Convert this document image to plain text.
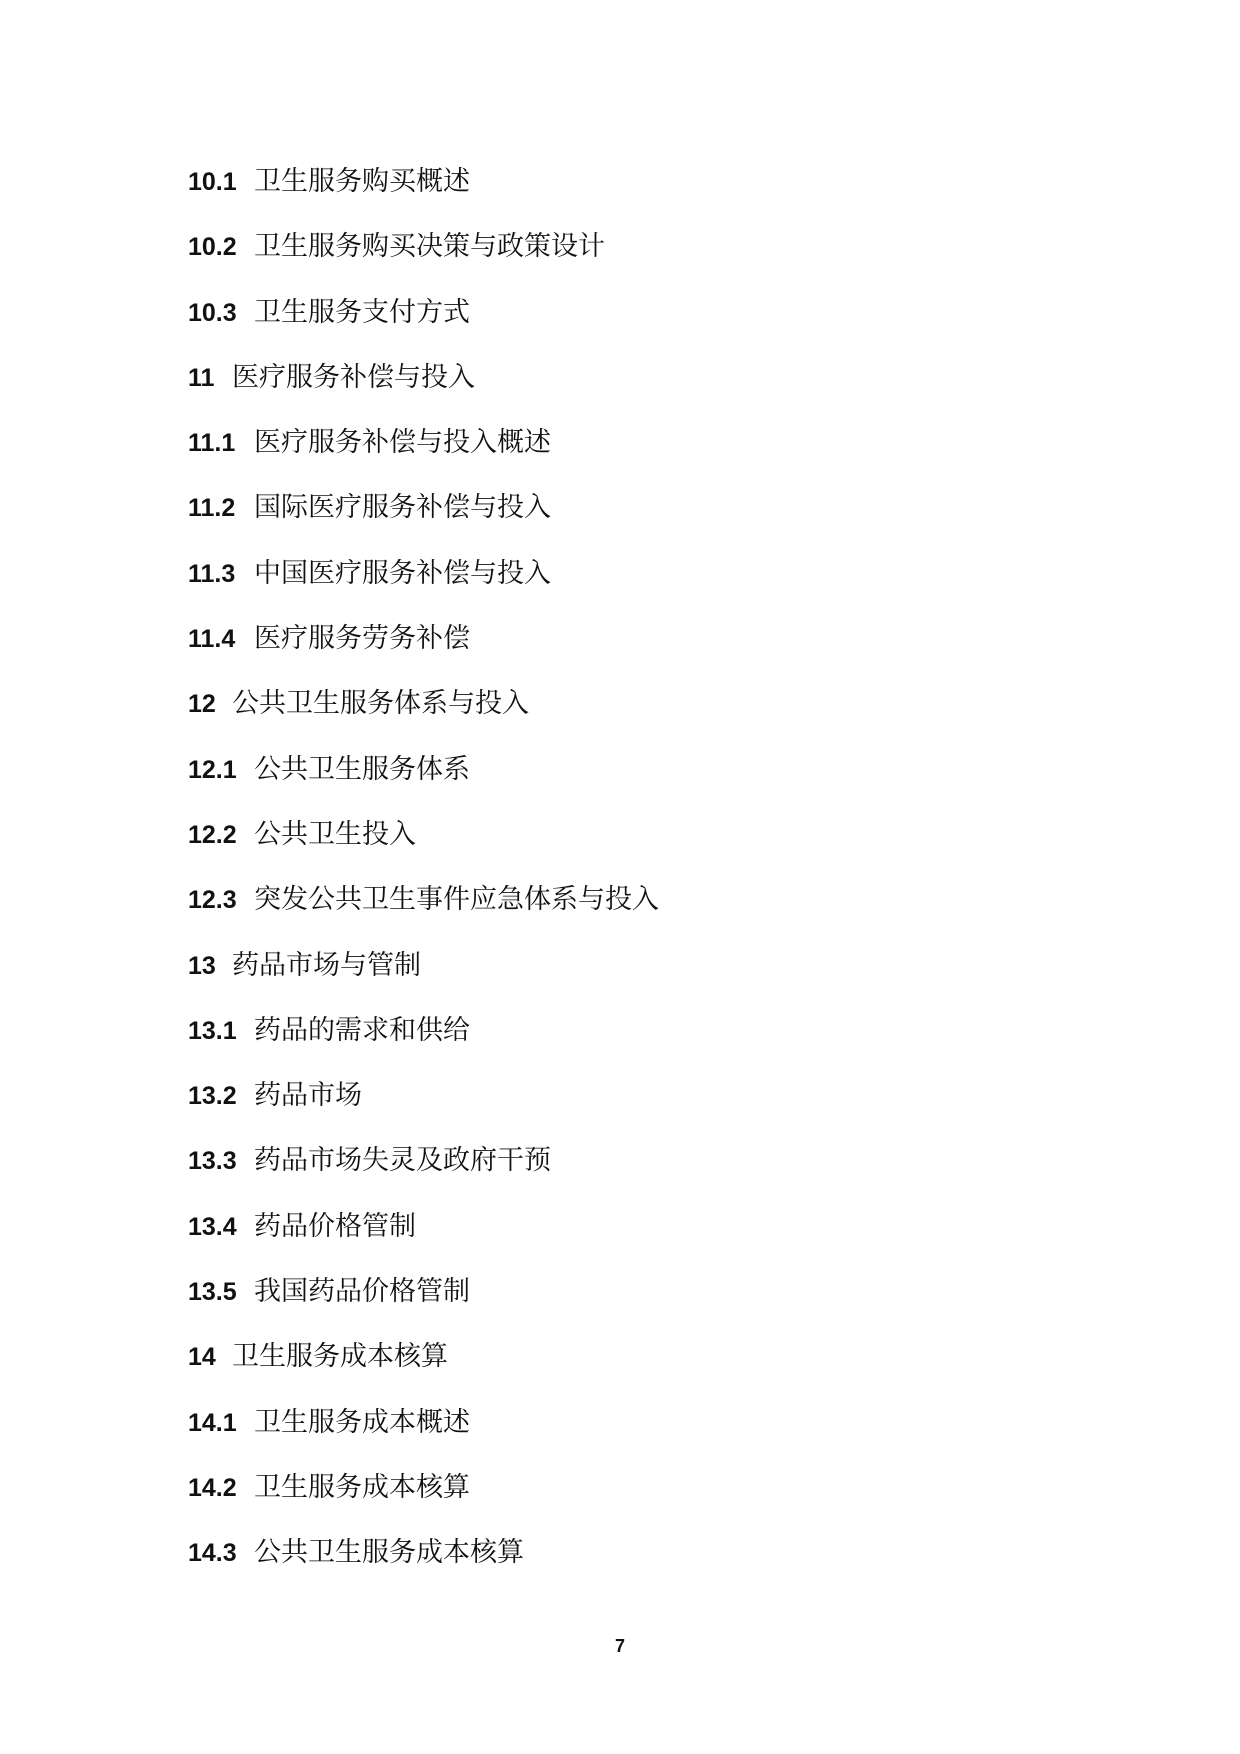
10.1 卫生服务购买概述
10.2 卫生服务购买决策与政策设计
10.3 卫生服务支付方式
11 医疗服务补偿与投入
11.1 医疗服务补偿与投入概述
11.2 国际医疗服务补偿与投入
11.3 中国医疗服务补偿与投入
11.4 医疗服务劳务补偿
12 公共卫生服务体系与投入
12.1 公共卫生服务体系
12.2 公共卫生投入
12.3 突发公共卫生事件应急体系与投入
13 药品市场与管制
13.1 药品的需求和供给
13.2 药品市场
13.3 药品市场失灵及政府干预
13.4 药品价格管制
13.5 我国药品价格管制
14 卫生服务成本核算
14.1 卫生服务成本概述
14.2 卫生服务成本核算
14.3 公共卫生服务成本核算
7
